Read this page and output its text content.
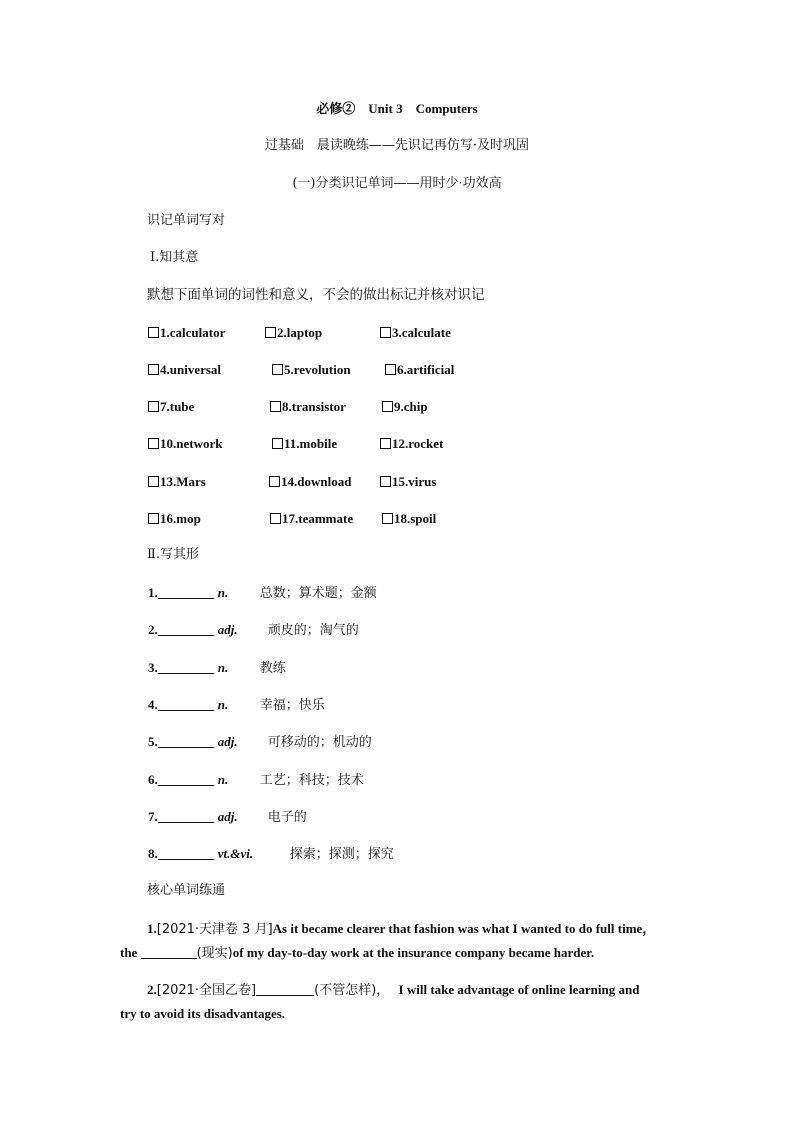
必修②　Unit 3　Computers
过基础　晨读晚练——先识记再仿写·及时巩固
(一)分类识记单词——用时少·功效高
识记单词写对
Ⅰ.知其意
默想下面单词的词性和意义，不会的做出标记并核对识记
1.calculator	2.laptop	3.calculate
4.universal	5.revolution	6.artificial
7.tube	8.transistor	9.chip
10.network	11.mobile	12.rocket
13.Mars	14.download	15.virus
16.mop	17.teammate	18.spoil
Ⅱ.写其形
1.	n. 总数；算术题；金额
2.	adj. 顽皮的；淘气的
3.	n. 教练
4.	n. 幸福；快乐
5.	adj. 可移动的；机动的
6.	n. 工艺；科技；技术
7.	adj. 电子的
8.	vt.&vi.	探索；探测；探究
核心单词练通
1.[2021·天津卷 3 月]As it became clearer that fashion was what I wanted to do full time，
the	(现实)of my day-to-day work at the insurance company became harder.
2.[2021·全国乙卷]	(不管怎样)， I will take advantage of online learning and
try to avoid its disadvantages.
